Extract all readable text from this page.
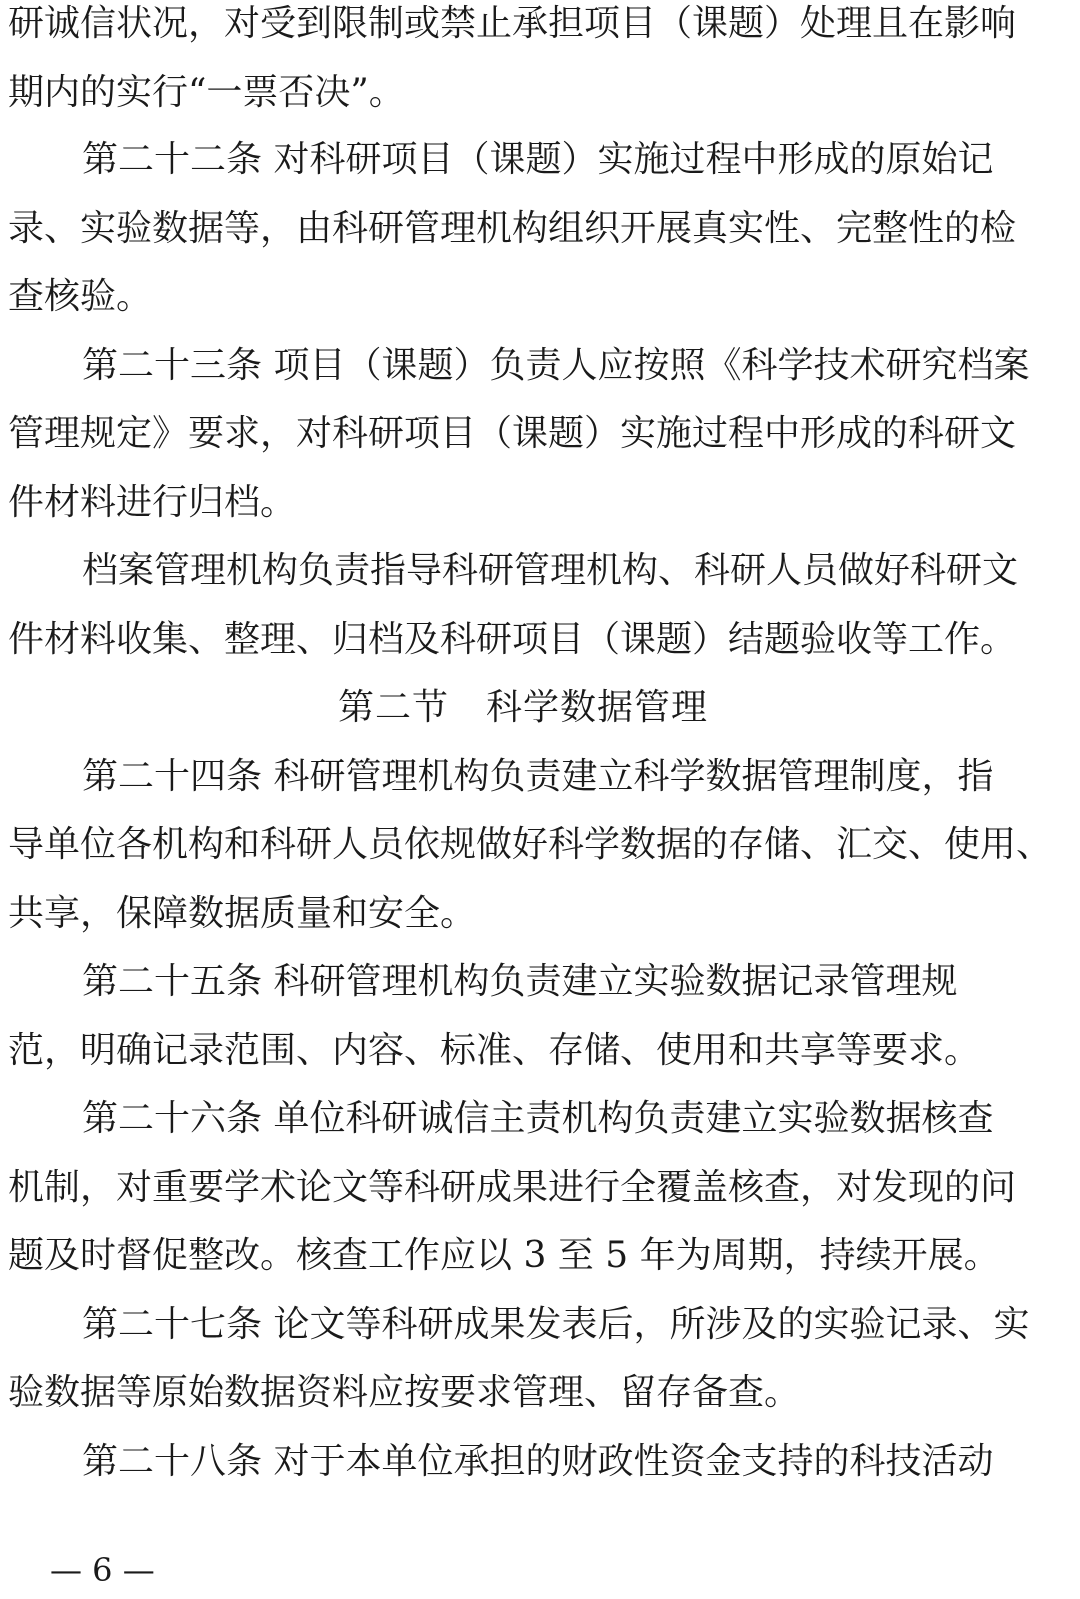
研诚信状况，对受到限制或禁止承担项目（课题）处理且在影响
期内的实行“一票否决”。
第二十二条 对科研项目（课题）实施过程中形成的原始记
录、实验数据等，由科研管理机构组织开展真实性、完整性的检
查核验。
第二十三条 项目（课题）负责人应按照《科学技术研究档案
管理规定》要求，对科研项目（课题）实施过程中形成的科研文
件材料进行归档。
档案管理机构负责指导科研管理机构、科研人员做好科研文
件材料收集、整理、归档及科研项目（课题）结题验收等工作。
第二节　科学数据管理
第二十四条 科研管理机构负责建立科学数据管理制度，指
导单位各机构和科研人员依规做好科学数据的存储、汇交、使用、
共享，保障数据质量和安全。
第二十五条 科研管理机构负责建立实验数据记录管理规
范，明确记录范围、内容、标准、存储、使用和共享等要求。
第二十六条 单位科研诚信主责机构负责建立实验数据核查
机制，对重要学术论文等科研成果进行全覆盖核查，对发现的问
题及时督促整改。核查工作应以 3 至 5 年为周期，持续开展。
第二十七条 论文等科研成果发表后，所涉及的实验记录、实
验数据等原始数据资料应按要求管理、留存备查。
第二十八条 对于本单位承担的财政性资金支持的科技活动
— 6 —
